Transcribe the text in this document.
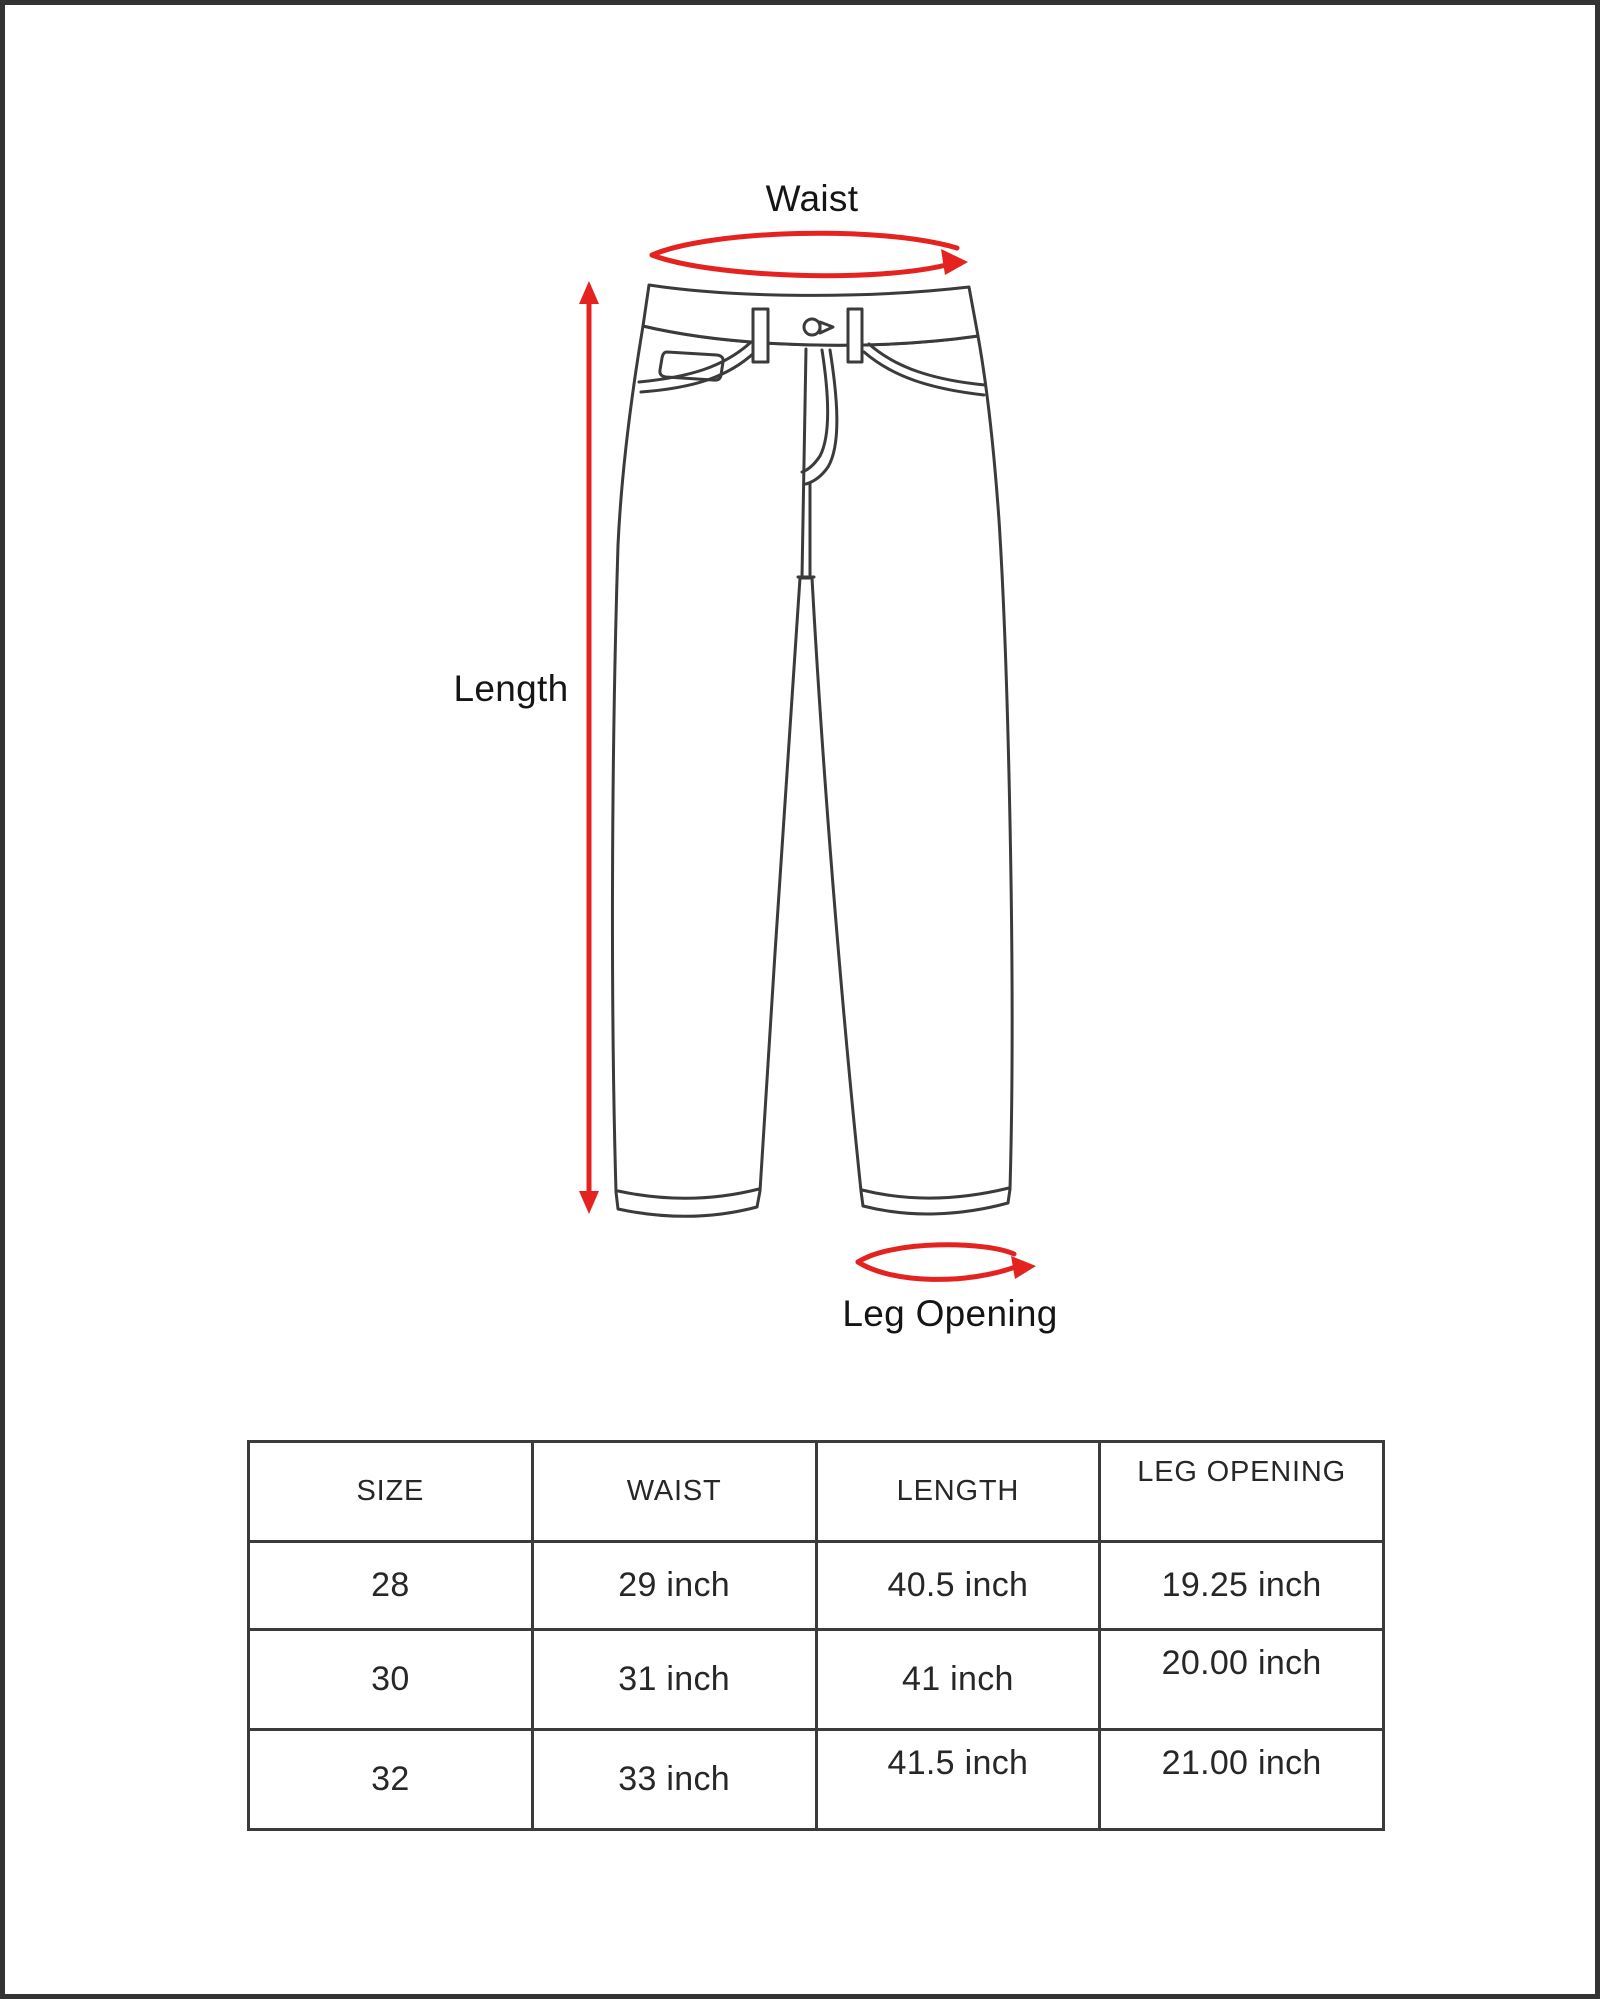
Waist
Length
Leg Opening
SIZE	WAIST	LENGTH	LEG OPENING
28	29 inch	40.5 inch	19.25 inch
30	31 inch	41 inch	20.00 inch
32	33 inch	41.5 inch	21.00 inch
